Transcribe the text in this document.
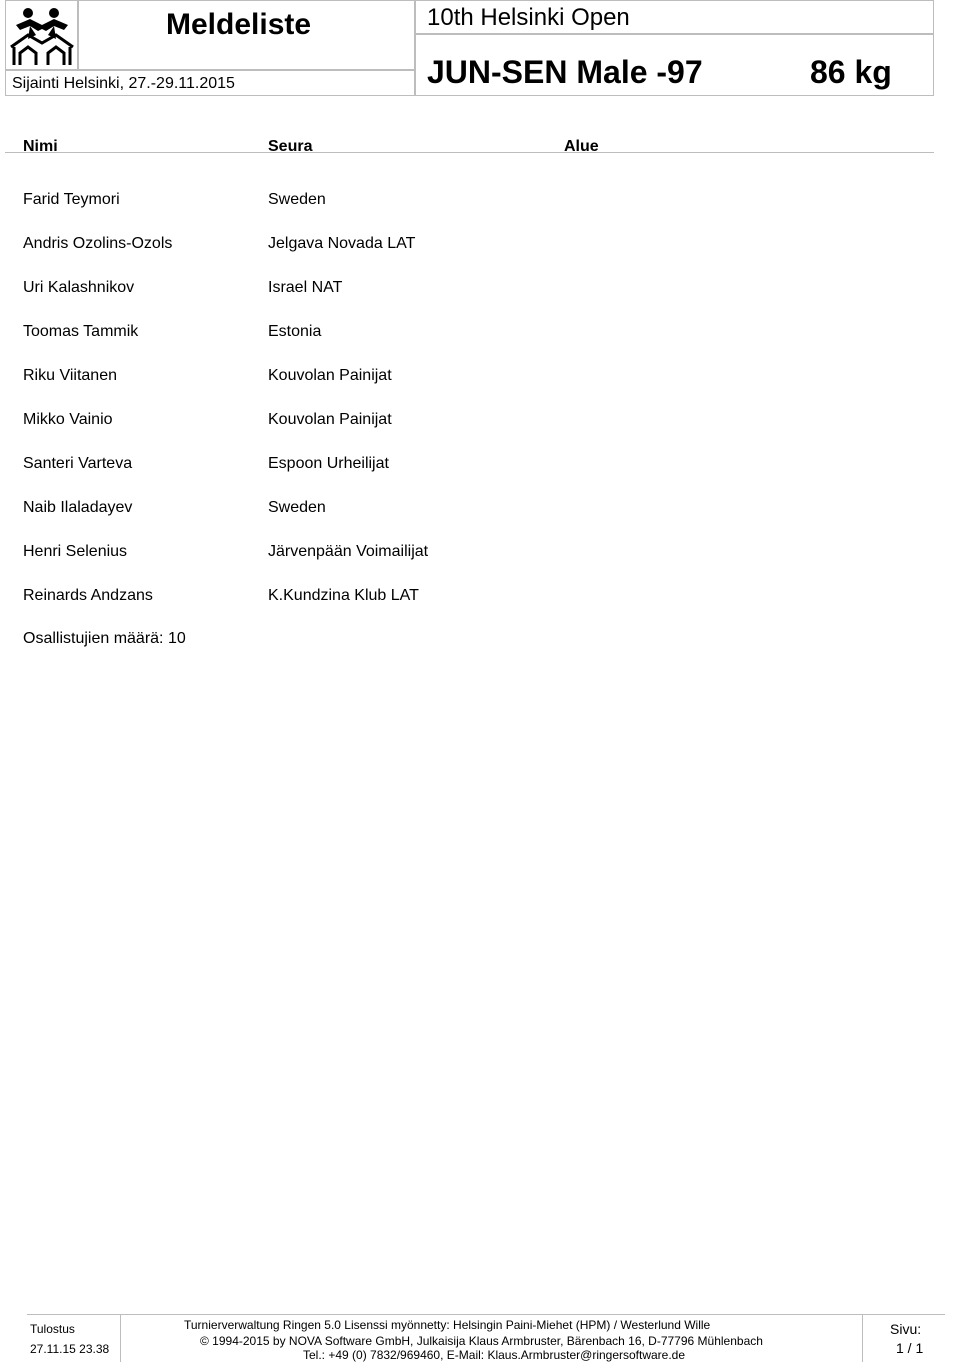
Meldeliste
Sijainti Helsinki, 27.-29.11.2015
10th Helsinki Open
JUN-SEN Male -97	86 kg
Nimi	Seura	Alue
Farid Teymori	Sweden
Andris Ozolins-Ozols	Jelgava Novada LAT
Uri Kalashnikov	Israel NAT
Toomas Tammik	Estonia
Riku Viitanen	Kouvolan Painijat
Mikko Vainio	Kouvolan Painijat
Santeri Varteva	Espoon Urheilijat
Naib Ilaladayev	Sweden
Henri Selenius	Järvenpään Voimailijat
Reinards Andzans	K.Kundzina Klub LAT
Osallistujien määrä: 10
Tulostus
27.11.15 23.38
Turnierverwaltung Ringen 5.0 Lisenssi myönnetty: Helsingin Paini-Miehet (HPM) / Westerlund Wille
© 1994-2015 by NOVA Software GmbH, Julkaisija Klaus Armbruster, Bärenbach 16, D-77796 Mühlenbach
Tel.: +49 (0) 7832/969460, E-Mail: Klaus.Armbruster@ringersoftware.de
Sivu:
1 / 1
